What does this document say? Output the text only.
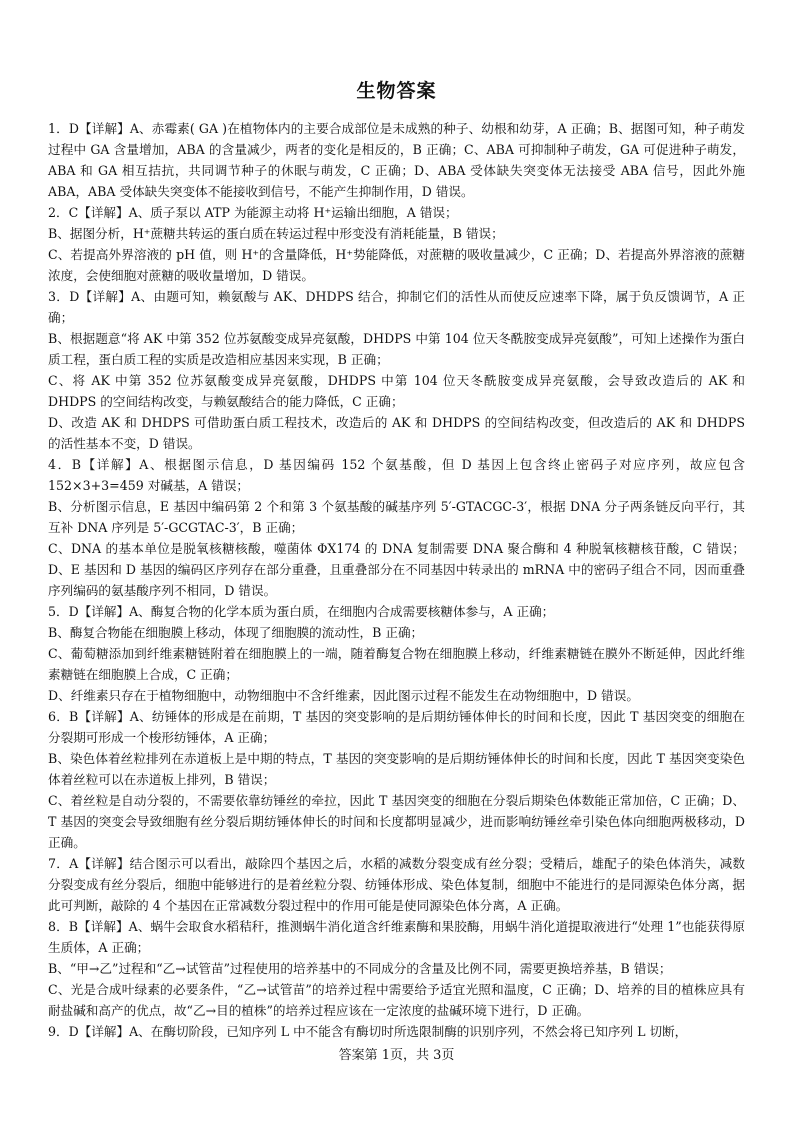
生物答案

1．D【详解】A、赤霉素( GA )在植物体内的主要合成部位是未成熟的种子、幼根和幼芽，A 正确；B、据图可知，种子萌发过程中 GA 含量增加，ABA 的含量减少，两者的变化是相反的，B 正确；C、ABA 可抑制种子萌发，GA 可促进种子萌发，ABA 和 GA 相互拮抗，共同调节种子的休眠与萌发，C 正确；D、ABA 受体缺失突变体无法接受 ABA 信号，因此外施 ABA，ABA 受体缺失突变体不能接收到信号，不能产生抑制作用，D 错误。

2．C【详解】A、质子泵以 ATP 为能源主动将 H⁺运输出细胞，A 错误；

B、据图分析，H⁺蔗糖共转运的蛋白质在转运过程中形变没有消耗能量，B 错误；

C、若提高外界溶液的 pH 值，则 H⁺的含量降低，H⁺势能降低，对蔗糖的吸收量减少，C 正确；D、若提高外界溶液的蔗糖浓度，会使细胞对蔗糖的吸收量增加，D 错误。

3．D【详解】A、由题可知，赖氨酸与 AK、DHDPS 结合，抑制它们的活性从而使反应速率下降，属于负反馈调节，A 正确；

B、根据题意“将 AK 中第 352 位苏氨酸变成异亮氨酸，DHDPS 中第 104 位天冬酰胺变成异亮氨酸”，可知上述操作为蛋白质工程，蛋白质工程的实质是改造相应基因来实现，B 正确；

C、将 AK 中第 352 位苏氨酸变成异亮氨酸，DHDPS 中第 104 位天冬酰胺变成异亮氨酸，会导致改造后的 AK 和 DHDPS 的空间结构改变，与赖氨酸结合的能力降低，C 正确；

D、改造 AK 和 DHDPS 可借助蛋白质工程技术，改造后的 AK 和 DHDPS 的空间结构改变，但改造后的 AK 和 DHDPS 的活性基本不变，D 错误。

4．B【详解】A、根据图示信息，D 基因编码 152 个氨基酸，但 D 基因上包含终止密码子对应序列，故应包含 152×3+3=459 对碱基，A 错误；

B、分析图示信息，E 基因中编码第 2 个和第 3 个氨基酸的碱基序列 5′-GTACGC-3′，根据 DNA 分子两条链反向平行，其互补 DNA 序列是 5′-GCGTAC-3′，B 正确；

C、DNA 的基本单位是脱氧核糖核酸，噬菌体 ΦX174 的 DNA 复制需要 DNA 聚合酶和 4 种脱氧核糖核苷酸，C 错误；D、E 基因和 D 基因的编码区序列存在部分重叠，且重叠部分在不同基因中转录出的 mRNA 中的密码子组合不同，因而重叠序列编码的氨基酸序列不相同，D 错误。

5．D【详解】A、酶复合物的化学本质为蛋白质，在细胞内合成需要核糖体参与，A 正确；

B、酶复合物能在细胞膜上移动，体现了细胞膜的流动性，B 正确；

C、葡萄糖添加到纤维素糖链附着在细胞膜上的一端，随着酶复合物在细胞膜上移动，纤维素糖链在膜外不断延伸，因此纤维素糖链在细胞膜上合成，C 正确；

D、纤维素只存在于植物细胞中，动物细胞中不含纤维素，因此图示过程不能发生在动物细胞中，D 错误。

6．B【详解】A、纺锤体的形成是在前期，T 基因的突变影响的是后期纺锤体伸长的时间和长度，因此 T 基因突变的细胞在分裂期可形成一个梭形纺锤体，A 正确；

B、染色体着丝粒排列在赤道板上是中期的特点，T 基因的突变影响的是后期纺锤体伸长的时间和长度，因此 T 基因突变染色体着丝粒可以在赤道板上排列，B 错误；

C、着丝粒是自动分裂的，不需要依靠纺锤丝的牵拉，因此 T 基因突变的细胞在分裂后期染色体数能正常加倍，C 正确；D、T 基因的突变会导致细胞有丝分裂后期纺锤体伸长的时间和长度都明显减少，进而影响纺锤丝牵引染色体向细胞两极移动，D 正确。

7．A【详解】结合图示可以看出，敲除四个基因之后，水稻的减数分裂变成有丝分裂；受精后，雄配子的染色体消失，减数分裂变成有丝分裂后，细胞中能够进行的是着丝粒分裂、纺锤体形成、染色体复制，细胞中不能进行的是同源染色体分离，据此可判断，敲除的 4 个基因在正常减数分裂过程中的作用可能是使同源染色体分离，A 正确。

8．B【详解】A、蜗牛会取食水稻秸秆，推测蜗牛消化道含纤维素酶和果胶酶，用蜗牛消化道提取液进行“处理 1”也能获得原生质体，A 正确；

B、“甲→乙”过程和“乙→试管苗”过程使用的培养基中的不同成分的含量及比例不同，需要更换培养基，B 错误；

C、光是合成叶绿素的必要条件，“乙→试管苗”的培养过程中需要给予适宜光照和温度，C 正确；D、培养的目的植株应具有耐盐碱和高产的优点，故“乙→目的植株”的培养过程应该在一定浓度的盐碱环境下进行，D 正确。

9．D【详解】A、在酶切阶段，已知序列 L 中不能含有酶切时所选限制酶的识别序列，不然会将已知序列 L 切断，

答案第 1页，共 3页
